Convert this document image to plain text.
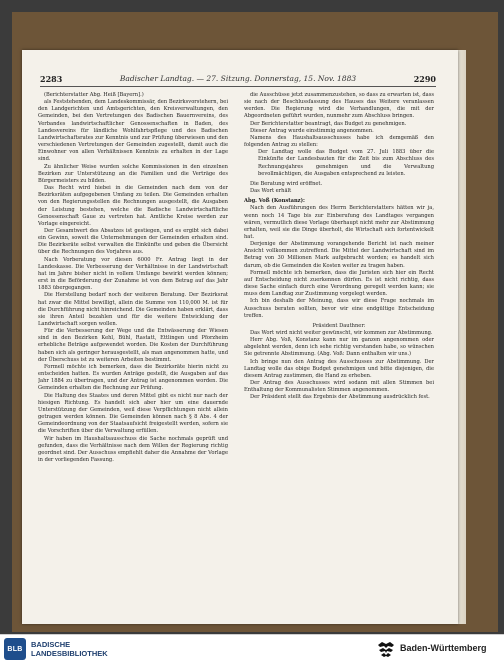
2283	Badischer Landtag. — 27. Sitzung. Donnerstag, 15. Nov. 1883	2290

(Berichterstatter Abg. Heiß [Bayern].)

als Feststehenden, dem Landeskommissär, den Bezirksvorstehern, bei den Landgerichten und Amtsgerichten, den Kreisverwaltungen, den Gemeinden, bei den Vertretungen des Badischen Bauernvereins, des Verbandes landwirtschaftlicher Genossenschaften in Baden, des Landesvereins für ländliche Wohlfahrtspflege und des Badischen Landwirtschaftsrates zur Kenntnis und zur Prüfung überwiesen und den verschiedenen Vertretungen der Gemeinden zugestellt, damit auch die Einwohner von allen Verhältnissen Kenntnis zu erhalten in der Lage sind.

Zu ähnlicher Weise wurden solche Kommissionen in den einzelnen Bezirken zur Unterstützung an die Familien und die Verträge des Bürgermeisters zu bilden.

Das Recht wird hiebei in die Gemeinden nach dem von der Bezirksräten aufgegebenen Umfang zu teilen. Die Gemeinden erhalten von den Regierungsstellen die Rechnungen ausgestellt, die Ausgaben der Leistung bestehen, welche die Badische Landwirtschaftliche Genossenschaft Gaue zu vertreten hat. Amtliche Kreise werden zur Vorlage eingereicht.

Der Gesamtwert des Absatzes ist gestiegen, und es ergibt sich dabei ein Gewinn, soweit die Unternehmungen der Gemeinden erhalten sind. Die Bezirksräte selbst verwalten die Einkünfte und geben die Übersicht über die Rechnungen des Vorjahres aus.

Nach Vorberatung vor diesen 6000 Fr. Antrag liegt in der Landeskasse. Die Verbesserung der Verhältnisse in der Landwirtschaft hat im Jahre bisher nicht in vollem Umfange bewirkt werden können; erst in die Beförderung der Zunahme ist von dem Betrag auf das Jahr 1883 übergegangen.

Die Herstellung bedarf noch der weiteren Beratung. Der Bezirksrat hat zwar die Mittel bewilligt, allein die Summe von 110,000 M. ist für die Durchführung nicht hinreichend. Die Gemeinden haben erklärt, dass sie ihren Anteil bezahlen und für die weitere Entwicklung der Landwirtschaft sorgen wollen.

Für die Verbesserung der Wege und die Entwässerung der Wiesen sind in den Bezirken Kehl, Bühl, Rastatt, Ettlingen und Pforzheim erhebliche Beträge aufgewendet worden. Die Kosten der Durchführung haben sich als geringer herausgestellt, als man angenommen hatte, und der Überschuss ist zu weiteren Arbeiten bestimmt.

Formell möchte ich bemerken, dass die Bezirksräte hierin nicht zu entscheiden hatten. Es wurden Anträge gestellt, die Ausgaben auf das Jahr 1884 zu übertragen, und der Antrag ist angenommen worden. Die Gemeinden erhalten die Rechnung zur Prüfung.

Die Haltung des Staates und deren Mittel gibt es nicht nur nach der hiesigen Richtung. Es handelt sich aber hier um eine dauernde Unterstützung der Gemeinden, weil diese Verpflichtungen nicht allein getragen werden können. Die Gemeinden können nach § 8 Abs. 4 der Gemeindeordnung von der Staatsaufsicht freigestellt werden, sofern sie die Vorschriften über die Verwaltung erfüllen.

Wir haben im Haushaltsausschuss die Sache nochmals geprüft und gefunden, dass die Verhältnisse nach dem Willen der Regierung richtig geordnet sind. Der Ausschuss empfiehlt daher die Annahme der Vorlage in der vorliegenden Fassung.

die Ausschüsse jetzt zusammenzustehen, so dass zu erwarten ist, dass sie nach der Beschlussfassung des Hauses das Weitere veranlassen werden. Die Regierung wird die Verhandlungen, die mit der Abgeordneten geführt wurden, nunmehr zum Abschluss bringen.

Der Berichterstatter beantragt, das Budget zu genehmigen.

Dieser Antrag wurde einstimmig angenommen.

Namens des Haushaltsausschusses habe ich demgemäß den folgenden Antrag zu stellen:

Der Landtag wolle das Budget vom 27. Juli 1883 über die Einkünfte der Landesbauten für die Zeit bis zum Abschluss des Rechnungsjahres genehmigen und die Verwaltung bevollmächtigen, die Ausgaben entsprechend zu leisten.

Die Beratung wird eröffnet.

Das Wort erhält

Abg. Voß (Konstanz):

Nach den Ausführungen des Herrn Berichterstatters hätten wir ja, wenn noch 14 Tage bis zur Einberufung des Landtages vergangen wären, vermutlich diese Vorlage überhaupt nicht mehr zur Abstimmung erhalten, weil sie die Dinge überholt, die Wirtschaft sich fortentwickelt hat.

Derjenige der Abstimmung vorangehende Bericht ist nach meiner Ansicht vollkommen zutreffend. Die Mittel der Landwirtschaft sind im Betrag von 30 Millionen Mark aufgebracht worden; es handelt sich darum, ob die Gemeinden die Kosten weiter zu tragen haben.

Formell möchte ich bemerken, dass die Juristen sich hier ein Recht auf Entscheidung nicht zuerkennen dürfen. Es ist nicht richtig, dass diese Sache einfach durch eine Verordnung geregelt werden kann; sie muss dem Landtag zur Zustimmung vorgelegt werden.

Ich bin deshalb der Meinung, dass wir diese Frage nochmals im Ausschuss beraten sollten, bevor wir eine endgültige Entscheidung treffen.

Präsident Dauthner:

Das Wort wird nicht weiter gewünscht, wir kommen zur Abstimmung.

Herr Abg. Voß, Konstanz kann nur im ganzen angenommen oder abgelehnt werden, denn ich sehe richtig verstanden habe, so wünschen Sie getrennte Abstimmung. (Abg. Voß: Dann enthalten wir uns.)

Ich bringe nun den Antrag des Ausschusses zur Abstimmung. Der Landtag wolle das obige Budget genehmigen und bitte diejenigen, die diesem Antrag zustimmen, die Hand zu erheben.

Der Antrag des Ausschusses wird sodann mit allen Stimmen bei Enthaltung der Kommunalisten Stimmen angenommen.

Der Präsident stellt das Ergebnis der Abstimmung ausdrücklich fest.

BLB	BADISCHE
LANDESBIBLIOTHEK
Baden-Württemberg
